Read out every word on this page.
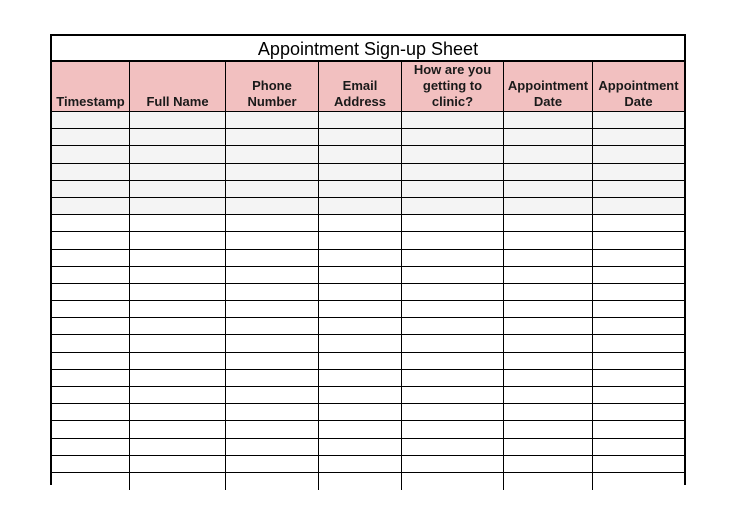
Appointment Sign-up Sheet
Timestamp Full Name
Phone
Number
Email
Address
How are you
getting to
clinic?
Appointment
Date
Appointment
Date
